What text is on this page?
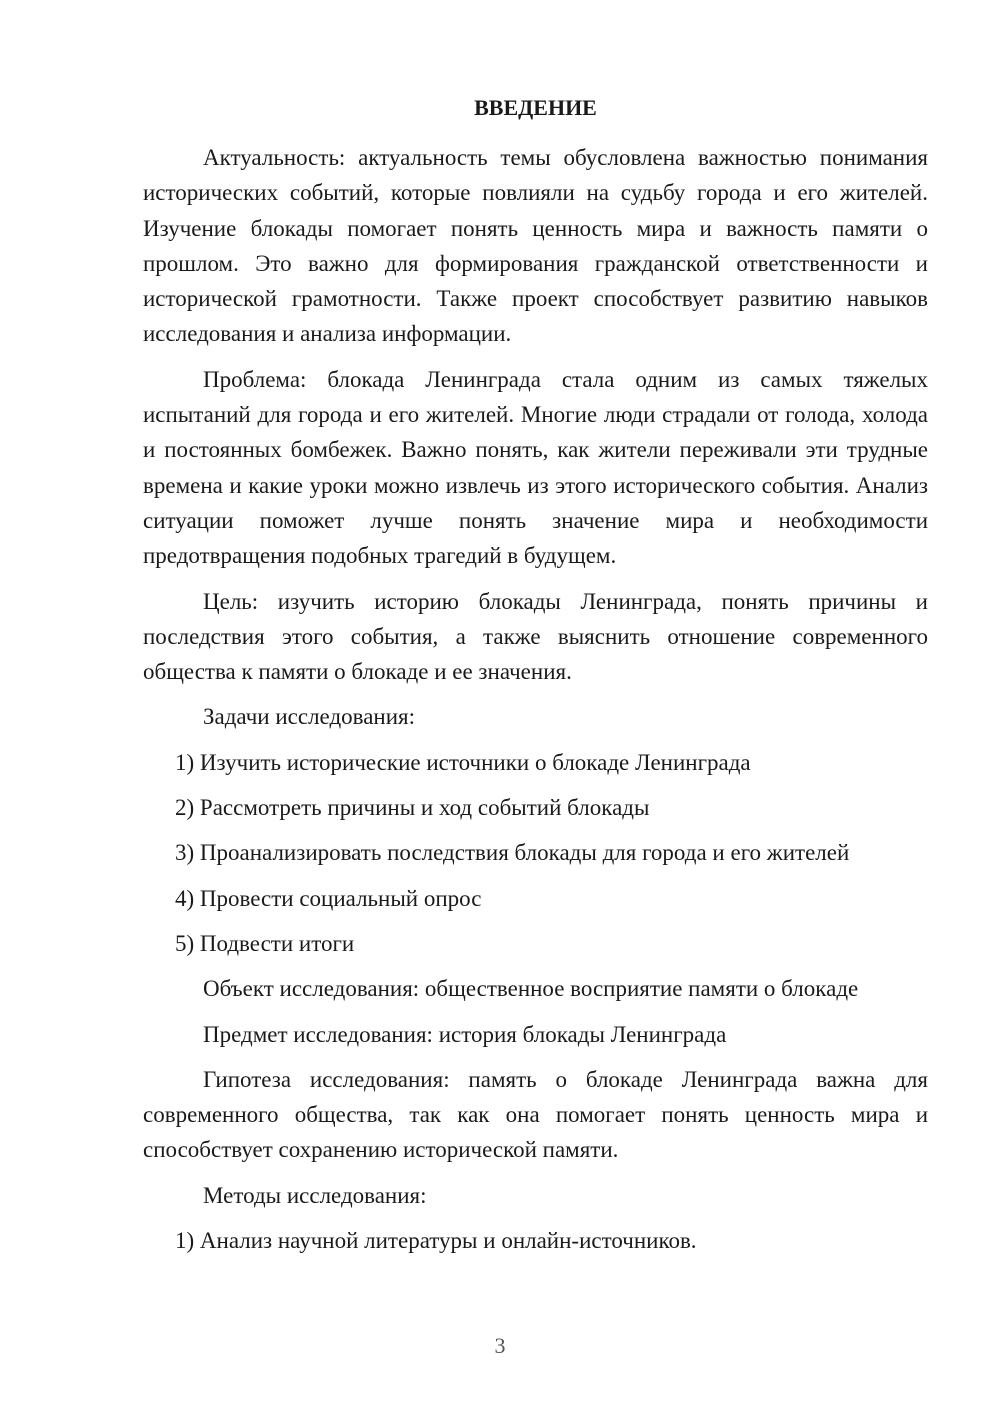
ВВЕДЕНИЕ

Актуальность: актуальность темы обусловлена важностью понимания исторических событий, которые повлияли на судьбу города и его жителей. Изучение блокады помогает понять ценность мира и важность памяти о прошлом. Это важно для формирования гражданской ответственности и исторической грамотности. Также проект способствует развитию навыков исследования и анализа информации.

Проблема: блокада Ленинграда стала одним из самых тяжелых испытаний для города и его жителей. Многие люди страдали от голода, холода и постоянных бомбежек. Важно понять, как жители переживали эти трудные времена и какие уроки можно извлечь из этого исторического события. Анализ ситуации поможет лучше понять значение мира и необходимости предотвращения подобных трагедий в будущем.

Цель: изучить историю блокады Ленинграда, понять причины и последствия этого события, а также выяснить отношение современного общества к памяти о блокаде и ее значения.

Задачи исследования:
1) Изучить исторические источники о блокаде Ленинграда
2) Рассмотреть причины и ход событий блокады
3) Проанализировать последствия блокады для города и его жителей
4) Провести социальный опрос
5) Подвести итоги
Объект исследования: общественное восприятие памяти о блокаде
Предмет исследования: история блокады Ленинграда

Гипотеза исследования: память о блокаде Ленинграда важна для современного общества, так как она помогает понять ценность мира и способствует сохранению исторической памяти.

Методы исследования:
1) Анализ научной литературы и онлайн-источников.
3
